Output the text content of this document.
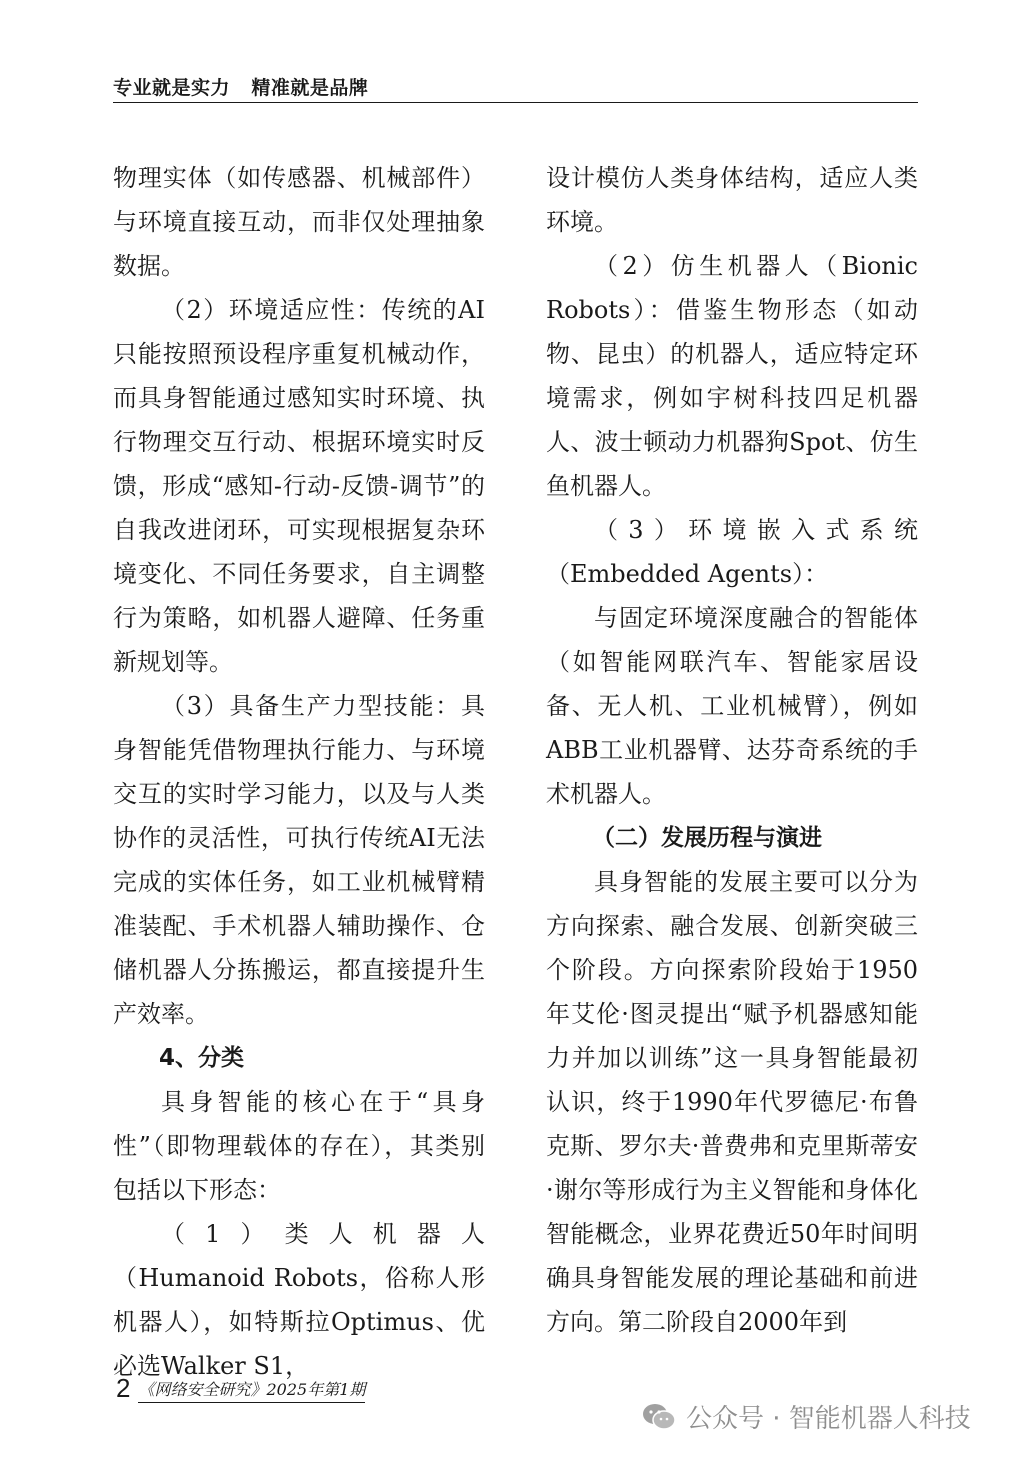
专业就是实力   精准就是品牌

物理实体（如传感器、机械部件）与环境直接互动，而非仅处理抽象数据。

（2）环境适应性：传统的AI只能按照预设程序重复机械动作，而具身智能通过感知实时环境、执行物理交互行动、根据环境实时反馈，形成“感知-行动-反馈-调节”的自我改进闭环，可实现根据复杂环境变化、不同任务要求，自主调整行为策略，如机器人避障、任务重新规划等。

（3）具备生产力型技能：具身智能凭借物理执行能力、与环境交互的实时学习能力，以及与人类协作的灵活性，可执行传统AI无法完成的实体任务，如工业机械臂精准装配、手术机器人辅助操作、仓储机器人分拣搬运，都直接提升生产效率。

4、分类

具身智能的核心在于“具身性”（即物理载体的存在），其类别包括以下形态：

（1）类人机器人（Humanoid Robots，俗称人形机器人），如特斯拉Optimus、优必选Walker S1，

设计模仿人类身体结构，适应人类环境。

（2）仿生机器人（Bionic Robots）：借鉴生物形态（如动物、昆虫）的机器人，适应特定环境需求，例如宇树科技四足机器人、波士顿动力机器狗Spot、仿生鱼机器人。

（3）环境嵌入式系统（Embedded Agents）：

与固定环境深度融合的智能体（如智能网联汽车、智能家居设备、无人机、工业机械臂），例如ABB工业机器臂、达芬奇系统的手术机器人。

（二）发展历程与演进

具身智能的发展主要可以分为方向探索、融合发展、创新突破三个阶段。方向探索阶段始于1950年艾伦·图灵提出“赋予机器感知能力并加以训练”这一具身智能最初认识，终于1990年代罗德尼·布鲁克斯、罗尔夫·普费弗和克里斯蒂安·谢尔等形成行为主义智能和身体化智能概念，业界花费近50年时间明确具身智能发展的理论基础和前进方向。第二阶段自2000年到

2 《网络安全研究》2025年第1期
公众号 · 智能机器人科技
